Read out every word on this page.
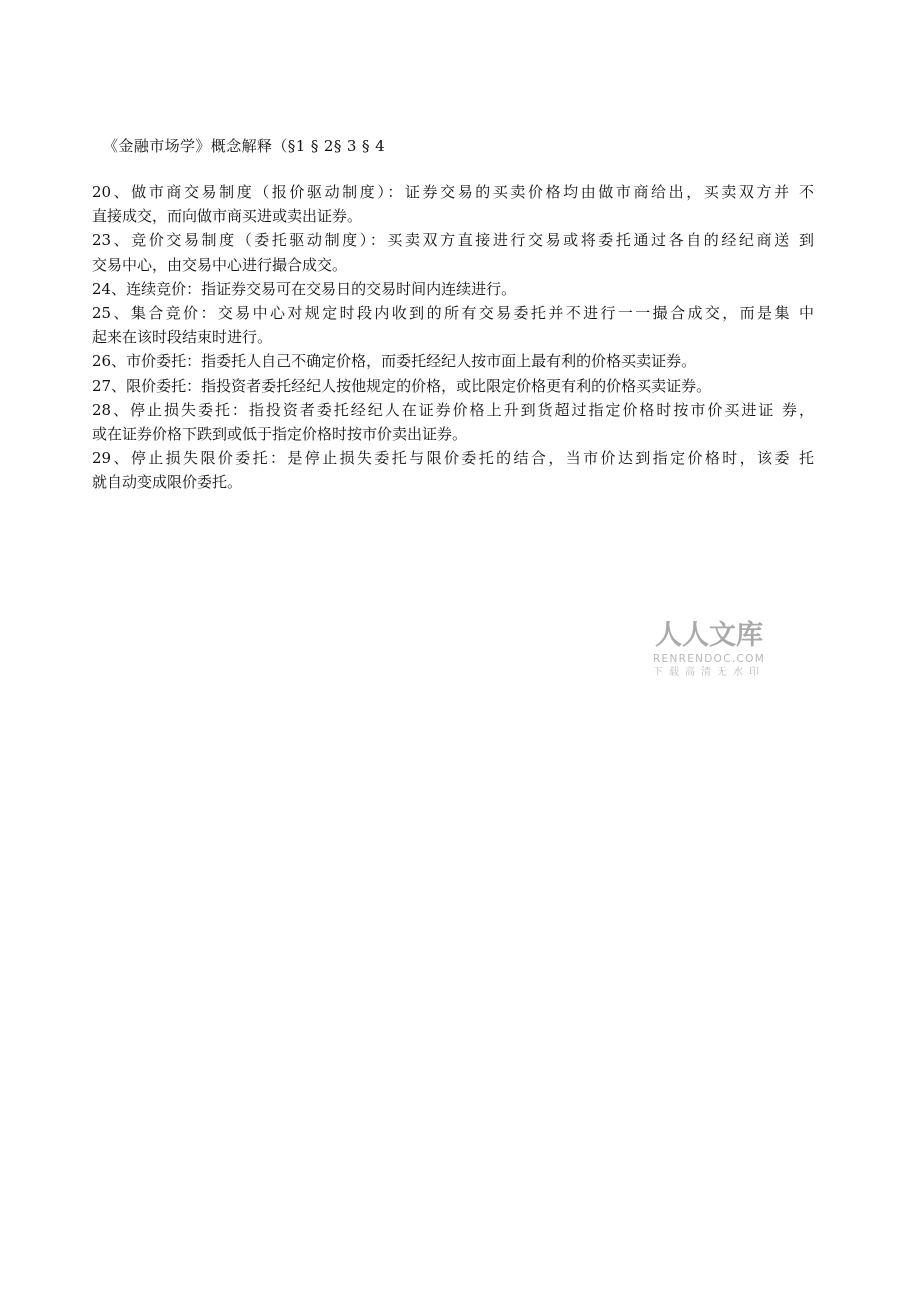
《金融市场学》概念解释（§1 § 2§ 3 § 4
20、做市商交易制度（报价驱动制度）：证券交易的买卖价格均由做市商给出，买卖双方并 不
直接成交，而向做市商买进或卖出证券。
23、竞价交易制度（委托驱动制度）：买卖双方直接进行交易或将委托通过各自的经纪商送 到
交易中心，由交易中心进行撮合成交。
24、连续竞价：指证券交易可在交易日的交易时间内连续进行。
25、集合竞价：交易中心对规定时段内收到的所有交易委托并不进行一一撮合成交，而是集 中
起来在该时段结束时进行。
26、市价委托：指委托人自己不确定价格，而委托经纪人按市面上最有利的价格买卖证券。
27、限价委托：指投资者委托经纪人按他规定的价格，或比限定价格更有利的价格买卖证券。
28、停止损失委托：指投资者委托经纪人在证券价格上升到货超过指定价格时按市价买进证 券，
或在证券价格下跌到或低于指定价格时按市价卖出证券。
29、停止损失限价委托：是停止损失委托与限价委托的结合，当市价达到指定价格时，该委 托
就自动变成限价委托。
人人文库
RENRENDOC.COM
下载高清无水印
